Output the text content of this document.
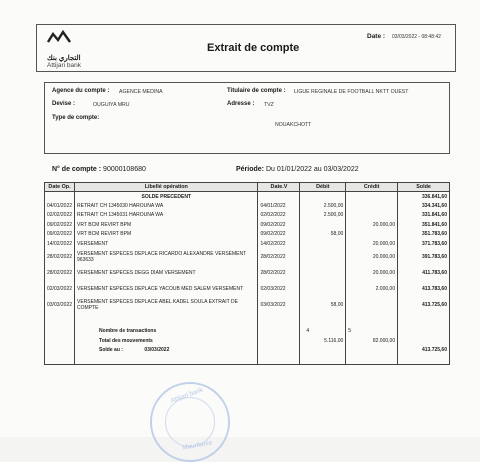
التجاري بنك
Attijari bank
Extrait de compte
Date : 03/03/2022 - 08:48:42
Agence du compte : AGENCE MEDINA
Devise :	OUGUIYA MRU
Type de compte:
Titulaire de compte : LIGUE REGINALE DE FOOTBALL NKTT OUEST
Adresse : TVZ
NOUAKCHOTT
N° de compte : 90000108680	Période: Du 01/01/2022 au 03/03/2022
Date Op.	Libellé opération	Date.V	Débit	Crédit	Solde
	SOLDE PRECEDENT				336.841,60
04/01/2022	RETRAIT CH 1345030 HAROUNA WA	04/01/2022	2.500,00		334.341,60
02/02/2022	RETRAIT CH 1345031 HAROUNA WA	02/02/2022	2.500,00		331.841,60
09/02/2022	VRT BCM REVIRT BPM	09/02/2022		20.000,00	351.841,60
09/02/2022	VRT BCM REVIRT BPM	09/02/2022	58,00		351.783,60
14/02/2022	VERSEMENT	14/02/2022		20.000,00	371.783,60
28/02/2022	VERSEMENT ESPECES DEPLACE RICARDO ALEXANDRE VERSEMENT 963633	28/02/2022		20.000,00	391.783,60
28/02/2022	VERSEMENT ESPECES DEGG DIAM VERSEMENT	28/02/2022		20.000,00	411.783,60
02/03/2022	VERSEMENT ESPECES DEPLACE YACOUB MED SALEM VERSEMENT	02/03/2022		2.000,00	413.783,60
03/03/2022	VERSEMENT ESPECES DEPLACE ABEL KADEL SOULA EXTRAIT DE COMPTE	03/03/2022	58,00		413.725,60

	Nombre de transactions		4	5	
	Total des mouvements		5.116,00	82.000,00	
	Solde au : 03/03/2022				413.725,60

Attijari bank
Mauritanie
